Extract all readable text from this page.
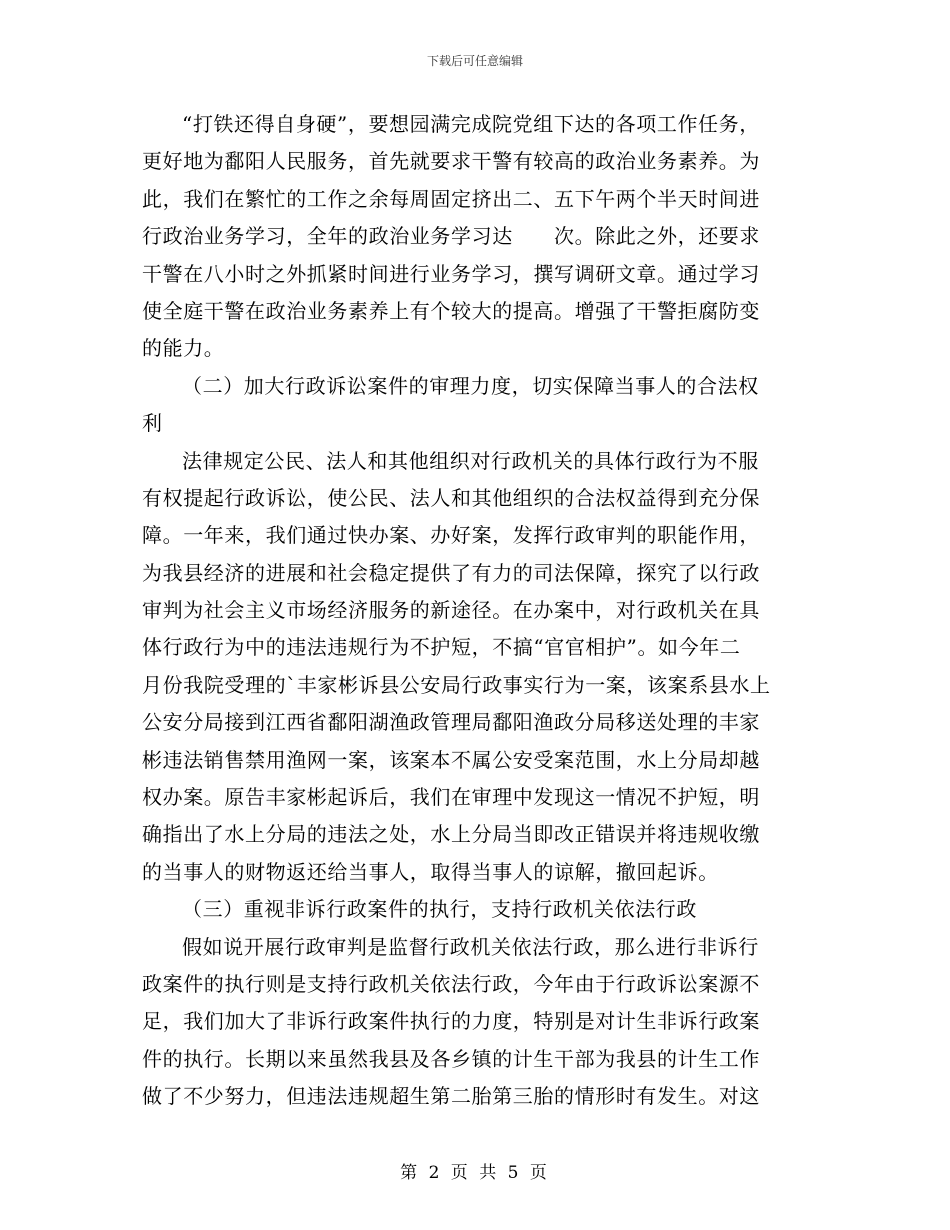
下载后可任意编辑
“打铁还得自身硬”，要想园满完成院党组下达的各项工作任务，
更好地为鄱阳人民服务，首先就要求干警有较高的政治业务素养。为
此，我们在繁忙的工作之余每周固定挤出二、五下午两个半天时间进
行政治业务学习，全年的政治业务学习达　　次。除此之外，还要求
干警在八小时之外抓紧时间进行业务学习，撰写调研文章。通过学习
使全庭干警在政治业务素养上有个较大的提高。增强了干警拒腐防变
的能力。
（二）加大行政诉讼案件的审理力度，切实保障当事人的合法权
利
法律规定公民、法人和其他组织对行政机关的具体行政行为不服
有权提起行政诉讼，使公民、法人和其他组织的合法权益得到充分保
障。一年来，我们通过快办案、办好案，发挥行政审判的职能作用，
为我县经济的进展和社会稳定提供了有力的司法保障，探究了以行政
审判为社会主义市场经济服务的新途径。在办案中，对行政机关在具
体行政行为中的违法违规行为不护短，不搞“官官相护”。如今年二
月份我院受理的`丰家彬诉县公安局行政事实行为一案，该案系县水上
公安分局接到江西省鄱阳湖渔政管理局鄱阳渔政分局移送处理的丰家
彬违法销售禁用渔网一案，该案本不属公安受案范围，水上分局却越
权办案。原告丰家彬起诉后，我们在审理中发现这一情况不护短，明
确指出了水上分局的违法之处，水上分局当即改正错误并将违规收缴
的当事人的财物返还给当事人，取得当事人的谅解，撤回起诉。
（三）重视非诉行政案件的执行，支持行政机关依法行政
假如说开展行政审判是监督行政机关依法行政，那么进行非诉行
政案件的执行则是支持行政机关依法行政，今年由于行政诉讼案源不
足，我们加大了非诉行政案件执行的力度，特别是对计生非诉行政案
件的执行。长期以来虽然我县及各乡镇的计生干部为我县的计生工作
做了不少努力，但违法违规超生第二胎第三胎的情形时有发生。对这
第 2 页 共 5 页
